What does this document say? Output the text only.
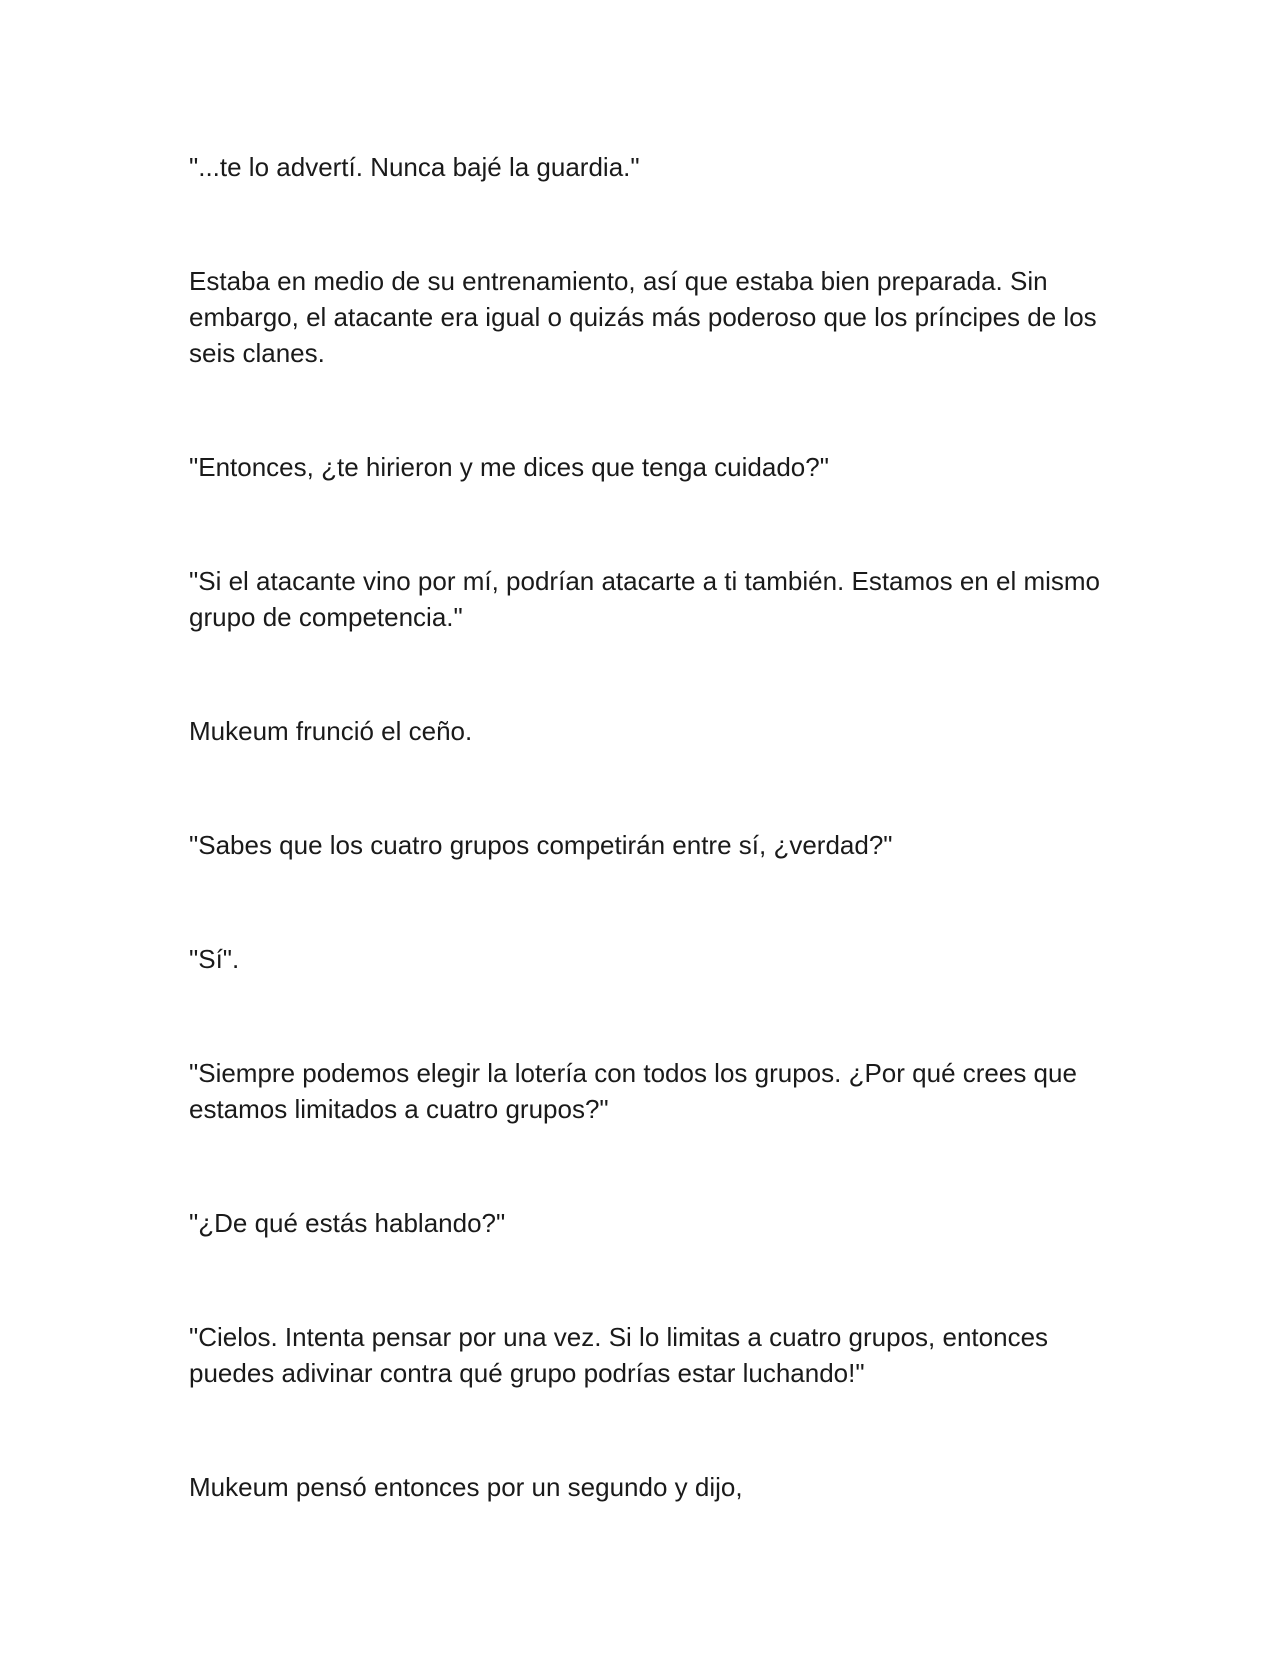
"...te lo advertí. Nunca bajé la guardia."

Estaba en medio de su entrenamiento, así que estaba bien preparada. Sin embargo, el atacante era igual o quizás más poderoso que los príncipes de los seis clanes.

"Entonces, ¿te hirieron y me dices que tenga cuidado?"

"Si el atacante vino por mí, podrían atacarte a ti también. Estamos en el mismo grupo de competencia."

Mukeum frunció el ceño.

"Sabes que los cuatro grupos competirán entre sí, ¿verdad?"

"Sí".

"Siempre podemos elegir la lotería con todos los grupos. ¿Por qué crees que estamos limitados a cuatro grupos?"

"¿De qué estás hablando?"

"Cielos. Intenta pensar por una vez. Si lo limitas a cuatro grupos, entonces puedes adivinar contra qué grupo podrías estar luchando!"

Mukeum pensó entonces por un segundo y dijo,
